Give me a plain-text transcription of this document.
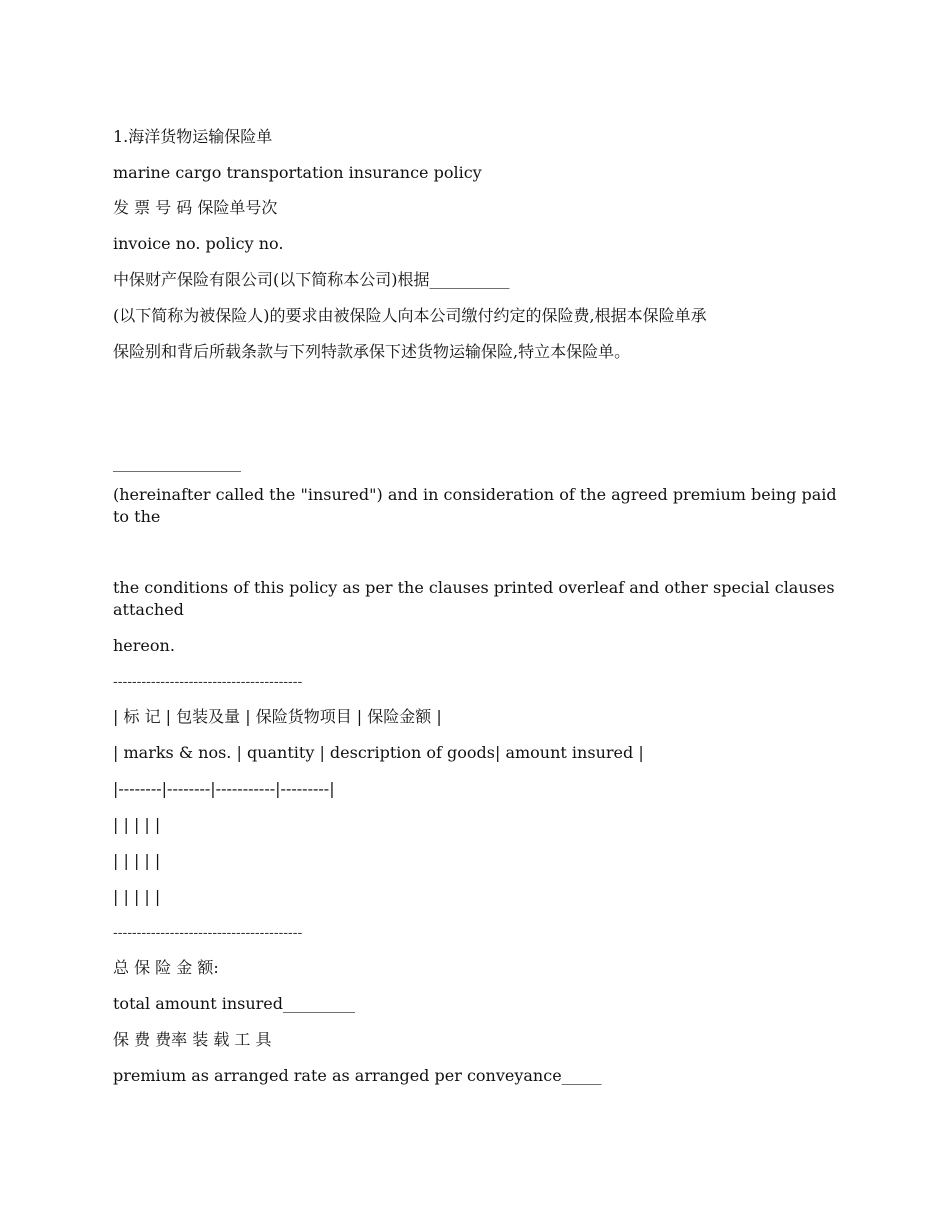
1.海洋货物运输保险单

marine cargo transportation insurance policy

发 票 号 码 保险单号次

invoice no. policy no.

中保财产保险有限公司(以下简称本公司)根据__________

(以下简称为被保险人)的要求由被保险人向本公司缴付约定的保险费,根据本保险单承

保险别和背后所载条款与下列特款承保下述货物运输保险,特立本保险单。

________________

(hereinafter called the "insured") and in consideration of the agreed premium being paid to the

the conditions of this policy as per the clauses printed overleaf and other special clauses attached

hereon.

----------------------------------------

| 标 记 | 包装及量 | 保险货物项目 | 保险金额 |

| marks & nos. | quantity | description of goods| amount insured |

|--------|--------|-----------|---------|

| | | | |

| | | | |

| | | | |

----------------------------------------

总 保 险 金 额:

total amount insured_________

保 费 费率 装 载 工 具

premium as arranged rate as arranged per conveyance_____
